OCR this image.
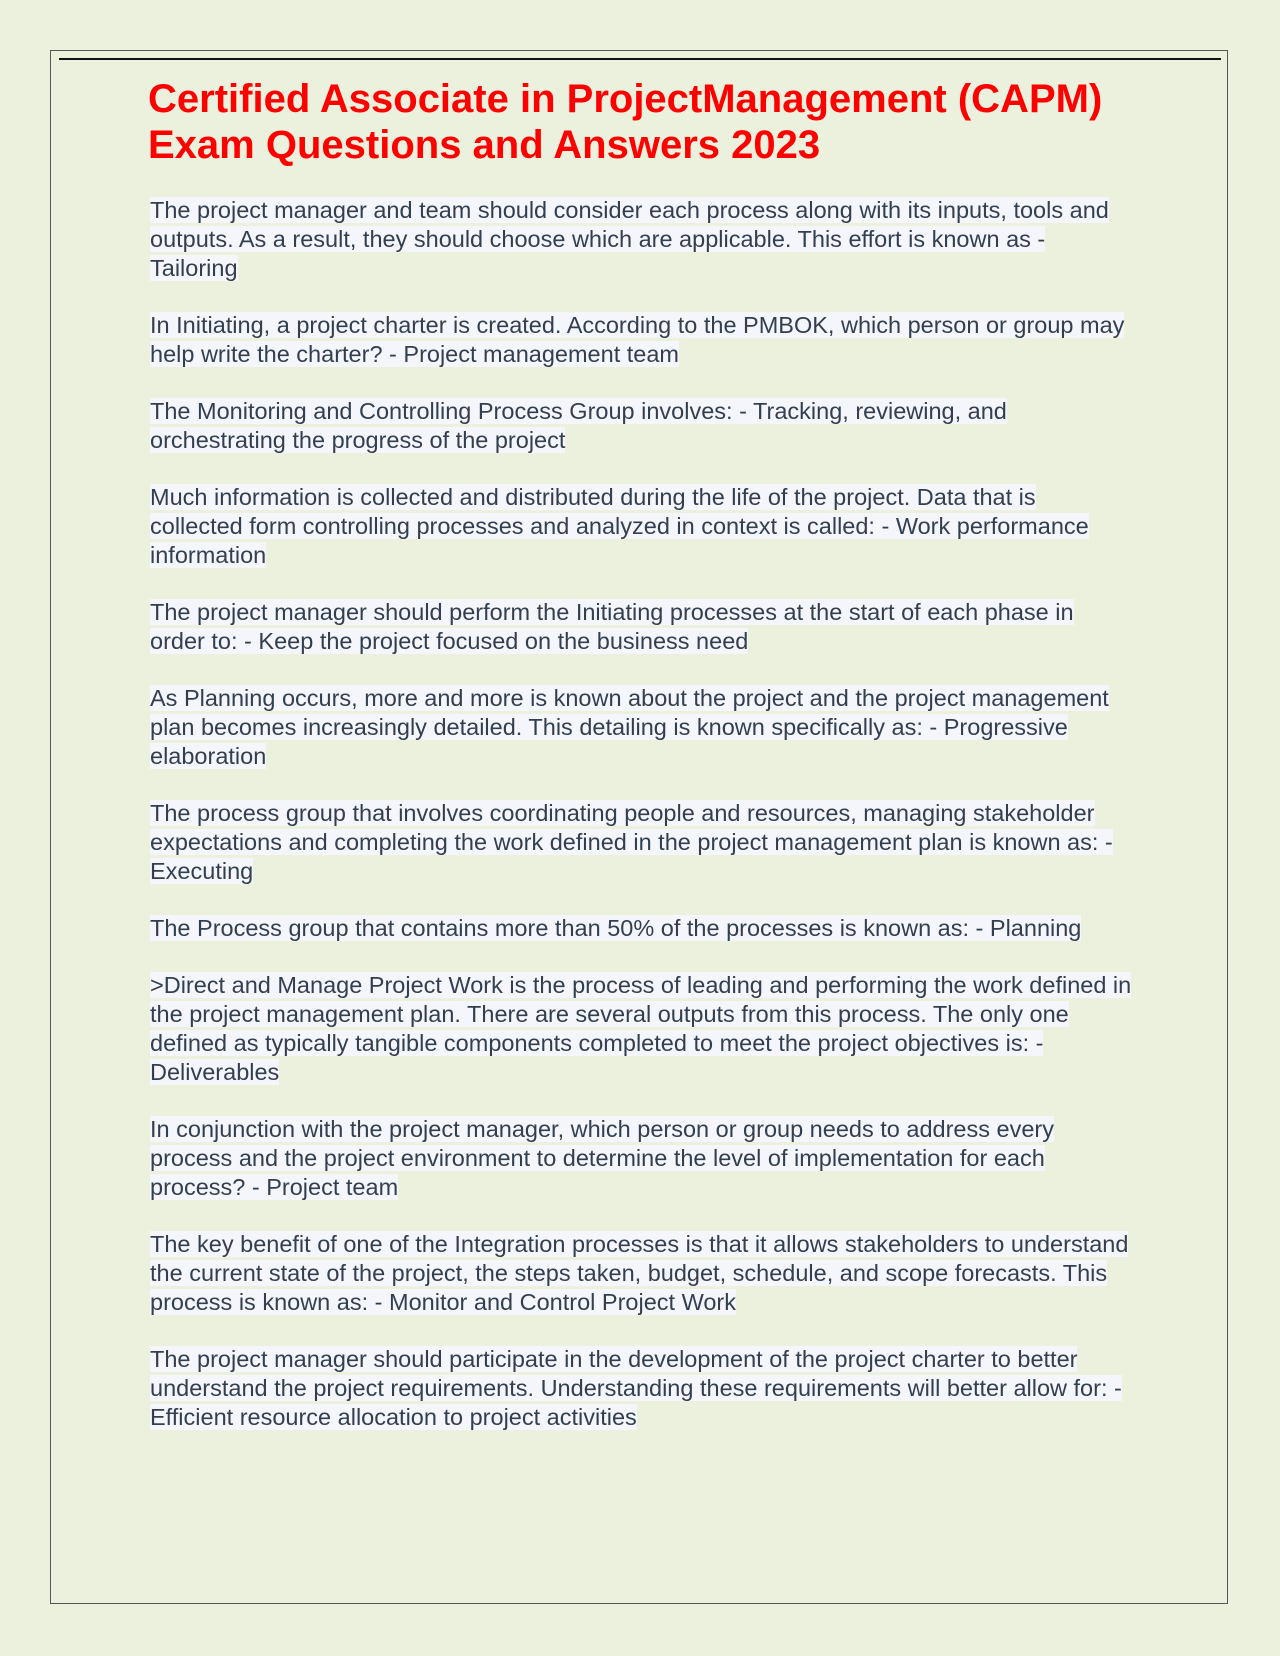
Certified Associate in ProjectManagement (CAPM)
Exam Questions and Answers 2023

The project manager and team should consider each process along with its inputs, tools and outputs. As a result, they should choose which are applicable. This effort is known as - Tailoring

In Initiating, a project charter is created. According to the PMBOK, which person or group may help write the charter? - Project management team

The Monitoring and Controlling Process Group involves: - Tracking, reviewing, and orchestrating the progress of the project

Much information is collected and distributed during the life of the project. Data that is collected form controlling processes and analyzed in context is called: - Work performance information

The project manager should perform the Initiating processes at the start of each phase in order to: - Keep the project focused on the business need

As Planning occurs, more and more is known about the project and the project management plan becomes increasingly detailed. This detailing is known specifically as: - Progressive elaboration

The process group that involves coordinating people and resources, managing stakeholder expectations and completing the work defined in the project management plan is known as: - Executing

The Process group that contains more than 50% of the processes is known as: - Planning

>Direct and Manage Project Work is the process of leading and performing the work defined in the project management plan. There are several outputs from this process. The only one defined as typically tangible components completed to meet the project objectives is: - Deliverables

In conjunction with the project manager, which person or group needs to address every process and the project environment to determine the level of implementation for each process? - Project team

The key benefit of one of the Integration processes is that it allows stakeholders to understand the current state of the project, the steps taken, budget, schedule, and scope forecasts. This process is known as: - Monitor and Control Project Work

The project manager should participate in the development of the project charter to better understand the project requirements. Understanding these requirements will better allow for: - Efficient resource allocation to project activities
